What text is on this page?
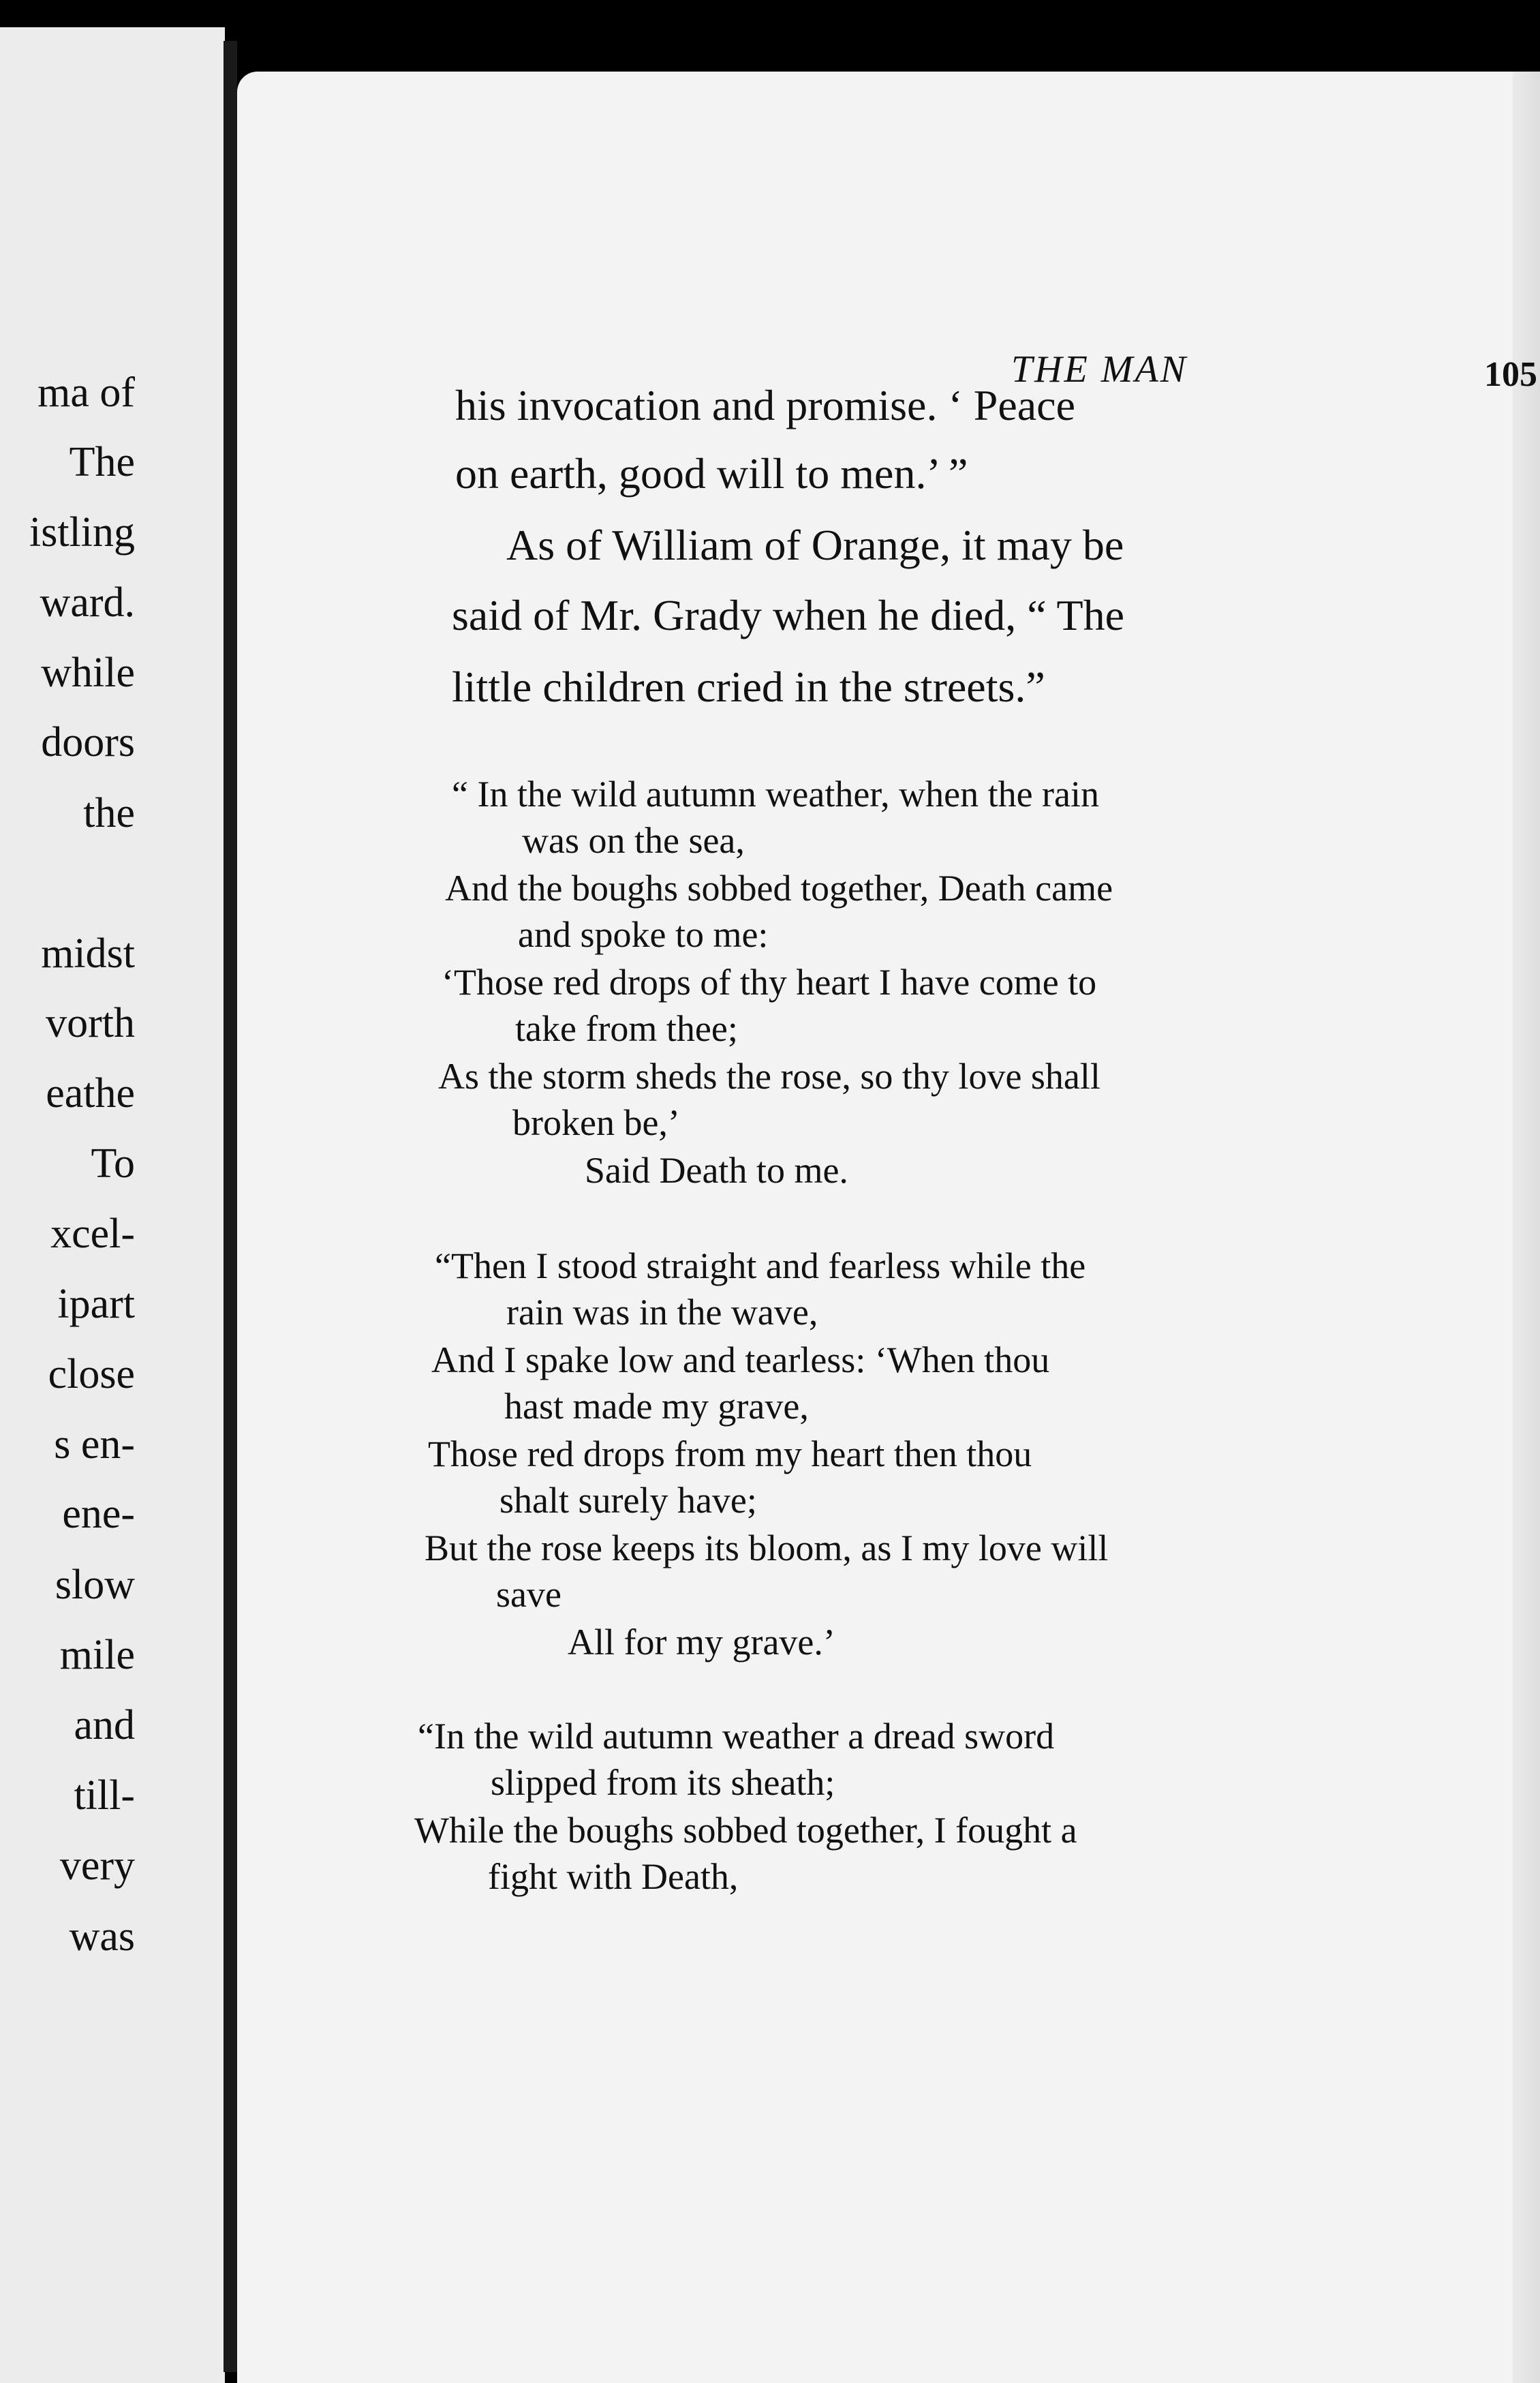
ma of
The
istling
ward.
while
doors
the
midst
vorth
eathe
To
xcel-
ipart
close
s en-
ene-
slow
mile
and
till-
very
was
THE MAN	105
his invocation and promise. ‘ Peace
on earth, good will to men.’ ”
As of William of Orange, it may be
said of Mr. Grady when he died, “ The
little children cried in the streets.”
“ In the wild autumn weather, when the rain
was on the sea,
And the boughs sobbed together, Death came
and spoke to me:
‘Those red drops of thy heart I have come to
take from thee;
As the storm sheds the rose, so thy love shall
broken be,’
Said Death to me.
“Then I stood straight and fearless while the
rain was in the wave,
And I spake low and tearless: ‘When thou
hast made my grave,
Those red drops from my heart then thou
shalt surely have;
But the rose keeps its bloom, as I my love will
save
All for my grave.’
“In the wild autumn weather a dread sword
slipped from its sheath;
While the boughs sobbed together, I fought a
fight with Death,
